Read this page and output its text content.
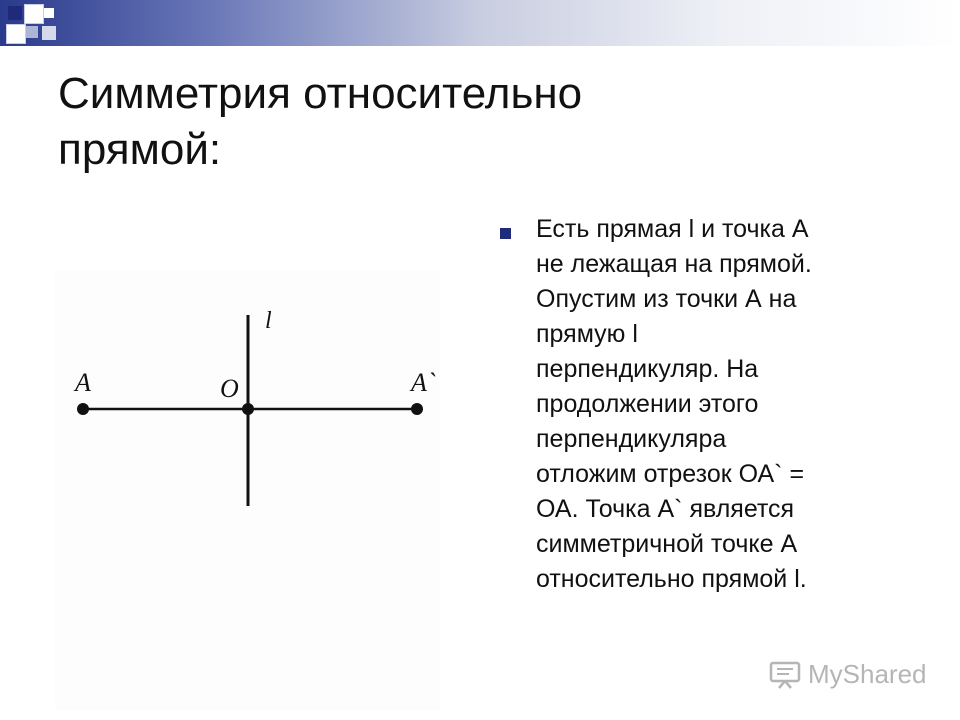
Симметрия относительно
прямой:
l
A	O	A`
Есть прямая l и точка А
не лежащая на прямой.
Опустим из точки А на
прямую l
перпендикуляр. На
продолжении этого
перпендикуляра
отложим отрезок ОА` =
ОА. Точка А` является
симметричной точке А
относительно прямой l.
MyShared
